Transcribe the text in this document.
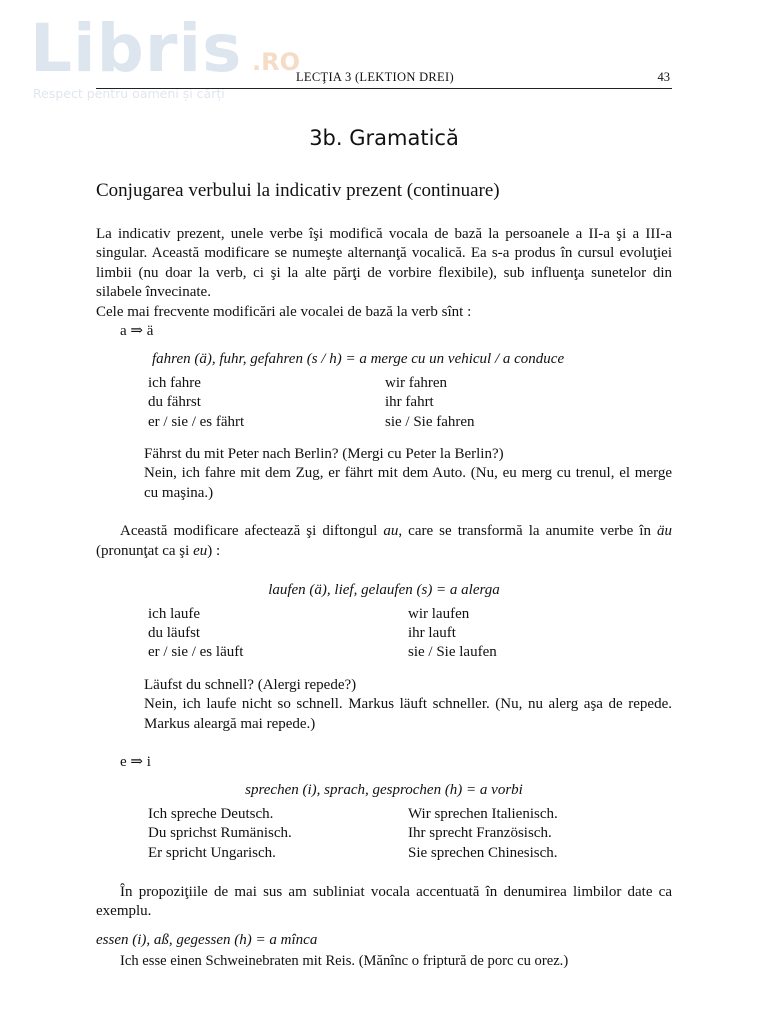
Libris .RO
Respect pentru oameni și cărți
LECŢIA 3 (LEKTION DREI)	43
3b. Gramatică
Conjugarea verbului la indicativ prezent (continuare)

La indicativ prezent, unele verbe îşi modifică vocala de bază la persoanele a II-a şi a III-a singular. Această modificare se numeşte alternanţă vocalică. Ea s-a produs în cursul evoluţiei limbii (nu doar la verb, ci şi la alte părţi de vorbire flexibile), sub influenţa sunetelor din silabele învecinate.

Cele mai frecvente modificări ale vocalei de bază la verb sînt :

a ⇒ ä

fahren (ä), fuhr, gefahren (s / h) = a merge cu un vehicul / a conduce

ich fahre	wir fahren
du fährst	ihr fahrt
er / sie / es fährt	sie / Sie fahren

Fährst du mit Peter nach Berlin? (Mergi cu Peter la Berlin?)

Nein, ich fahre mit dem Zug, er fährt mit dem Auto. (Nu, eu merg cu trenul, el merge cu maşina.)

Această modificare afectează şi diftongul au, care se transformă la anumite verbe în äu (pronunţat ca şi eu) :

laufen (ä), lief, gelaufen (s) = a alerga

ich laufe	wir laufen
du läufst	ihr lauft
er / sie / es läuft	sie / Sie laufen

Läufst du schnell? (Alergi repede?)

Nein, ich laufe nicht so schnell. Markus läuft schneller. (Nu, nu alerg aşa de repede. Markus aleargă mai repede.)

e ⇒ i

sprechen (i), sprach, gesprochen (h) = a vorbi

Ich spreche Deutsch.	Wir sprechen Italienisch.
Du sprichst Rumänisch.	Ihr sprecht Französisch.
Er spricht Ungarisch.	Sie sprechen Chinesisch.

În propoziţiile de mai sus am subliniat vocala accentuată în denumirea limbilor date ca exemplu.

essen (i), aß, gegessen (h) = a mînca

Ich esse einen Schweinebraten mit Reis. (Mănînc o friptură de porc cu orez.)
